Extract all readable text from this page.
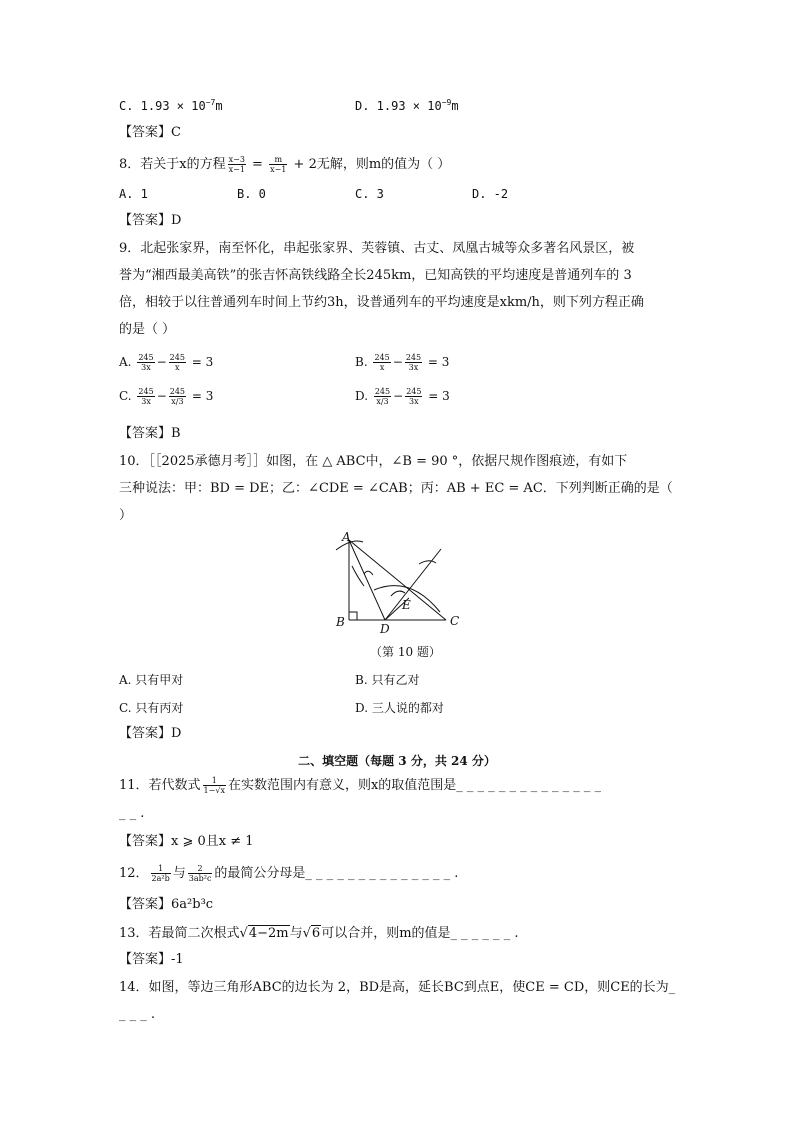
C. $1.93 \times 10^{-7}m$	D. $1.93 \times 10^{-9}m$
【答案】C
8．若关于x的方程 $\frac{x-3}{x-1} = \frac{m}{x-1} + 2$无解，则m的值为（ ）
A. 1	B. 0	C. 3	D. -2
【答案】D
9．北起张家界，南至怀化，串起张家界、芙蓉镇、古丈、凤凰古城等众多著名风景区，被
誉为“湘西最美高铁”的张吉怀高铁线路全长245km，已知高铁的平均速度是普通列车的 3
倍，相较于以往普通列车时间上节约3h，设普通列车的平均速度是xkm/h，则下列方程正确
的是（ ）
A. $\frac{245}{3x} - \frac{245}{x} = 3$	B. $\frac{245}{x} - \frac{245}{3x} = 3$
C. $\frac{245}{3x} - \frac{245}{x/3} = 3$	D. $\frac{245}{x/3} - \frac{245}{3x} = 3$
【答案】B
10．［［2025承德月考］］如图，在 △ ABC中，∠B = 90 °，依据尺规作图痕迹，有如下
三种说法：甲：BD = DE；乙：∠CDE = ∠CAB；丙：AB + EC = AC．下列判断正确的是（
）
A
B	C
D
E
（第 10 题）
A. 只有甲对	B. 只有乙对
C. 只有丙对	D. 三人说的都对
【答案】D
二、填空题（每题 3 分，共 24 分）
11．若代数式 $\frac{1}{1-√x}$ 在实数范围内有意义，则x的取值范围是_ _ _ _ _ _ _ _ _ _ _ _ _ _
_ _ .
【答案】x ⩾ 0且x ≠ 1
12． $\frac{1}{\text{2a²b}}$ 与 $\frac{2}{\text{3ab²c}}$ 的最简公分母是_ _ _ _ _ _ _ _ _ _ _ _ _ _ .
【答案】6a²b³c
13．若最简二次根式√4−2m与√6可以合并，则m的值是_ _ _ _ _ _ .
【答案】-1
14．如图，等边三角形ABC的边长为 2，BD是高，延长BC到点E，使CE = CD，则CE的长为_
_ _ _ .
